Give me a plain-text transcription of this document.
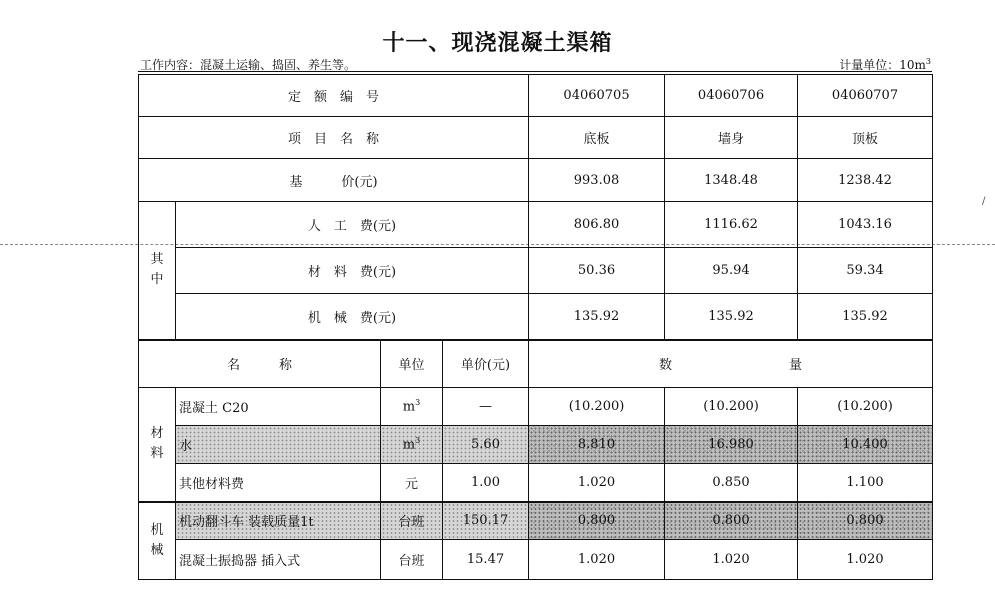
十一、现浇混凝土渠箱
工作内容：混凝土运输、捣固、养生等。	计量单位：$10m^3$
/
定　额　编　号				04060705	04060706	04060707
项　目　名　称				底板	墙身	顶板
基　　　价(元)				993.08	1348.48	1238.42
其
中	人　工　费(元)			806.80	1116.62	1043.16
	材　料　费(元)			50.36	95.94	59.34
	机　械　费(元)			135.92	135.92	135.92
名　　　称		单位	单价(元)	数　　　　　　　　　量		
材
料	混凝土 C20	$m^3$	—	(10.200)	(10.200)	(10.200)
	水	$m^3$	5.60	8.810	16.980	10.400
	其他材料费	元	1.00	1.020	0.850	1.100
机
械	机动翻斗车 装载质量1t	台班	150.17	0.800	0.800	0.800
	混凝土振捣器 插入式	台班	15.47	1.020	1.020	1.020
